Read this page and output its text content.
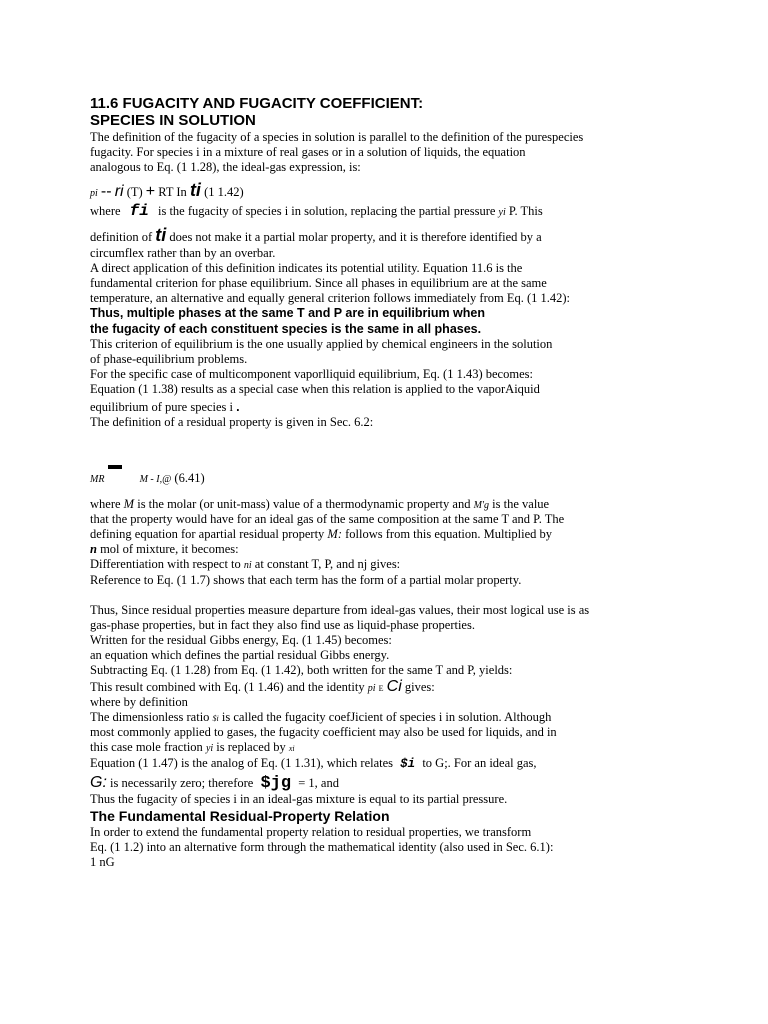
11.6 FUGACITY AND FUGACITY COEFFICIENT:
SPECIES IN SOLUTION
The definition of the fugacity of a species in solution is parallel to the definition of the purespecies
fugacity. For species i in a mixture of real gases or in a solution of liquids, the equation
analogous to Eq. (1 1.28), the ideal-gas expression, is:
pi -- ri (T) + RT In ti (1 1.42)
where fi is the fugacity of species i in solution, replacing the partial pressure yi P. This
definition of ti does not make it a partial molar property, and it is therefore identified by a
circumflex rather than by an overbar.
A direct application of this definition indicates its potential utility. Equation 11.6 is the
fundamental criterion for phase equilibrium. Since all phases in equilibrium are at the same
temperature, an alternative and equally general criterion follows immediately from Eq. (1 1.42):
Thus, multiple phases at the same T and P are in equilibrium when
the fugacity of each constituent species is the same in all phases.
This criterion of equilibrium is the one usually applied by chemical engineers in the solution
of phase-equilibrium problems.
For the specific case of multicomponent vaporlliquid equilibrium, Eq. (1 1.43) becomes:
Equation (1 1.38) results as a special case when this relation is applied to the vaporAiquid
equilibrium of pure species i .
The definition of a residual property is given in Sec. 6.2:
MR	M - I,@ (6.41)
where M is the molar (or unit-mass) value of a thermodynamic property and M'g is the value
that the property would have for an ideal gas of the same composition at the same T and P. The
defining equation for apartial residual property M: follows from this equation. Multiplied by
n mol of mixture, it becomes:
Differentiation with respect to ni at constant T, P, and nj gives:
Reference to Eq. (1 1.7) shows that each term has the form of a partial molar property.
Thus, Since residual properties measure departure from ideal-gas values, their most logical use is as
gas-phase properties, but in fact they also find use as liquid-phase properties.
Written for the residual Gibbs energy, Eq. (1 1.45) becomes:
an equation which defines the partial residual Gibbs energy.
Subtracting Eq. (1 1.28) from Eq. (1 1.42), both written for the same T and P, yields:
This result combined with Eq. (1 1.46) and the identity pi E Ci gives:
where by definition
The dimensionless ratio $i is called the fugacity coefJicient of species i in solution. Although
most commonly applied to gases, the fugacity coefficient may also be used for liquids, and in
this case mole fraction yi is replaced by xi
Equation (1 1.47) is the analog of Eq. (1 1.31), which relates $i to G;. For an ideal gas,
G: is necessarily zero; therefore $jg = 1, and
Thus the fugacity of species i in an ideal-gas mixture is equal to its partial pressure.
The Fundamental Residual-Property Relation
In order to extend the fundamental property relation to residual properties, we transform
Eq. (1 1.2) into an alternative form through the mathematical identity (also used in Sec. 6.1):
1 nG
